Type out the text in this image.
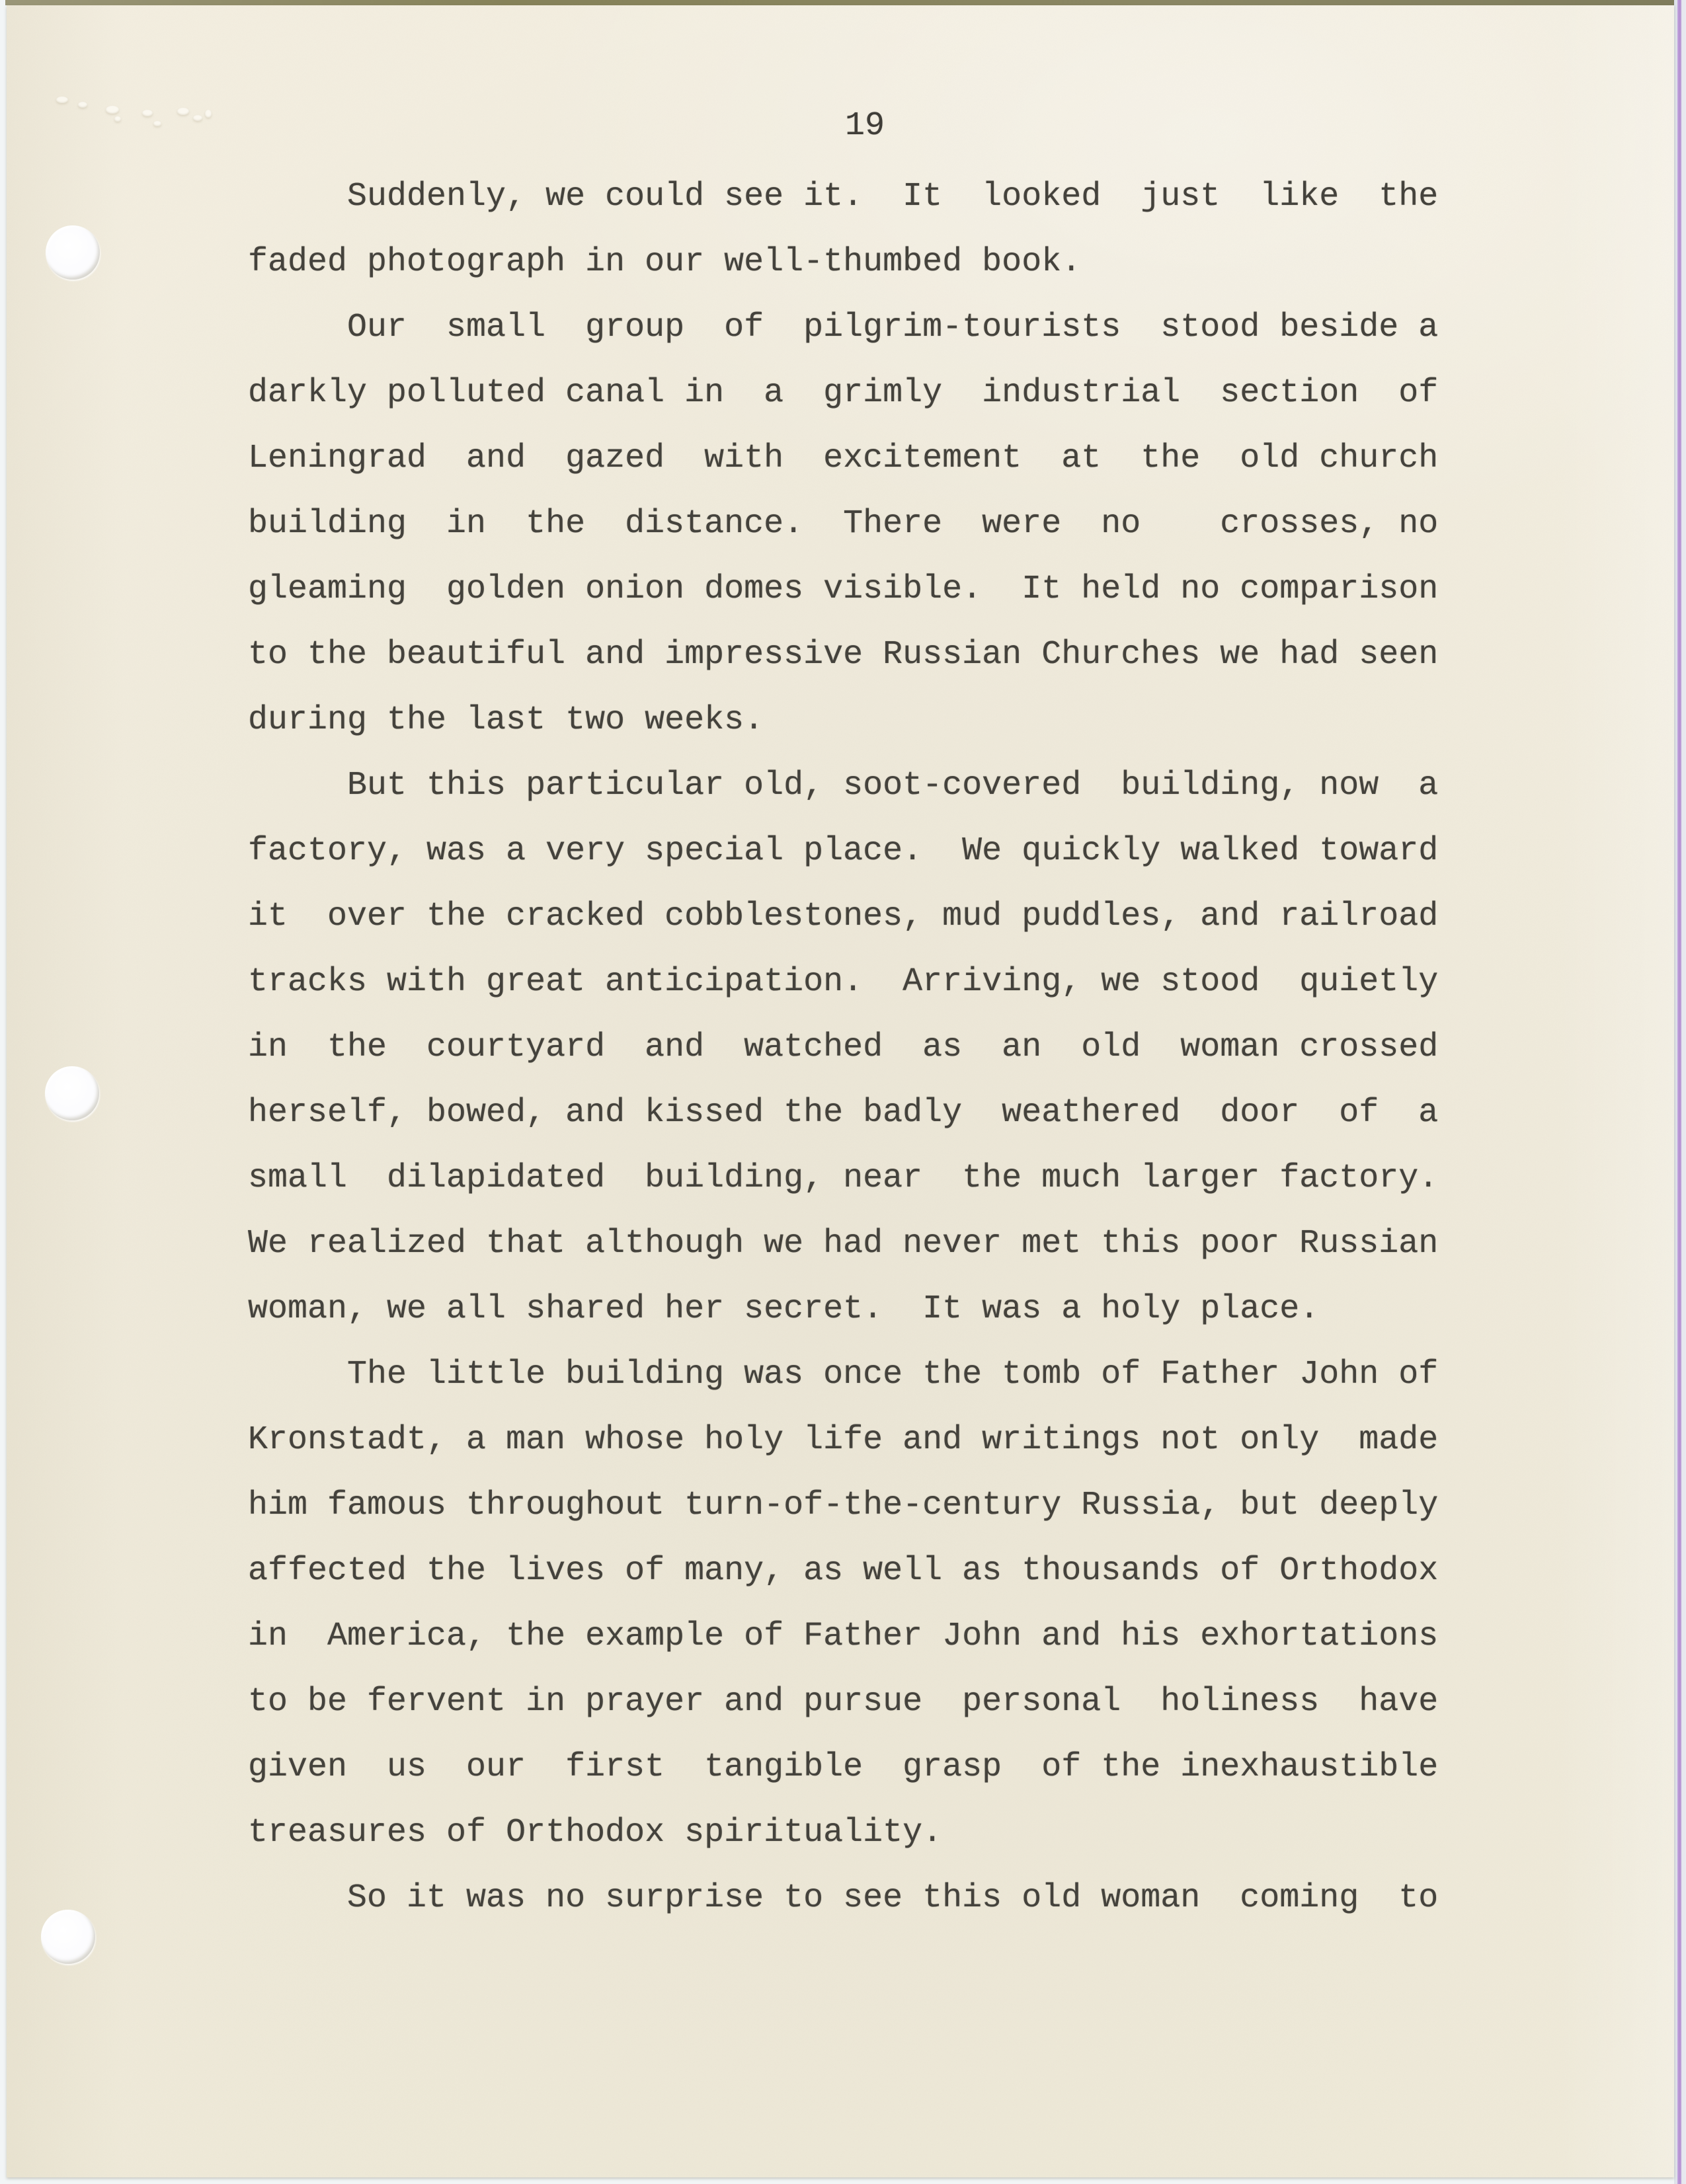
19
Suddenly, we could see it.  It  looked  just  like  the
faded photograph in our well-thumbed book.
Our  small  group  of  pilgrim-tourists  stood beside a
darkly polluted canal in  a  grimly  industrial  section  of
Leningrad  and  gazed  with  excitement  at  the  old church
building  in  the  distance.  There  were  no    crosses, no
gleaming  golden onion domes visible.  It held no comparison
to the beautiful and impressive Russian Churches we had seen
during the last two weeks.
But this particular old, soot-covered  building, now  a
factory, was a very special place.  We quickly walked toward
it  over the cracked cobblestones, mud puddles, and railroad
tracks with great anticipation.  Arriving, we stood  quietly
in  the  courtyard  and  watched  as  an  old  woman crossed
herself, bowed, and kissed the badly  weathered  door  of  a
small  dilapidated  building, near  the much larger factory.
We realized that although we had never met this poor Russian
woman, we all shared her secret.  It was a holy place.
The little building was once the tomb of Father John of
Kronstadt, a man whose holy life and writings not only  made
him famous throughout turn-of-the-century Russia, but deeply
affected the lives of many, as well as thousands of Orthodox
in  America, the example of Father John and his exhortations
to be fervent in prayer and pursue  personal  holiness  have
given  us  our  first  tangible  grasp  of the inexhaustible
treasures of Orthodox spirituality.
So it was no surprise to see this old woman  coming  to
